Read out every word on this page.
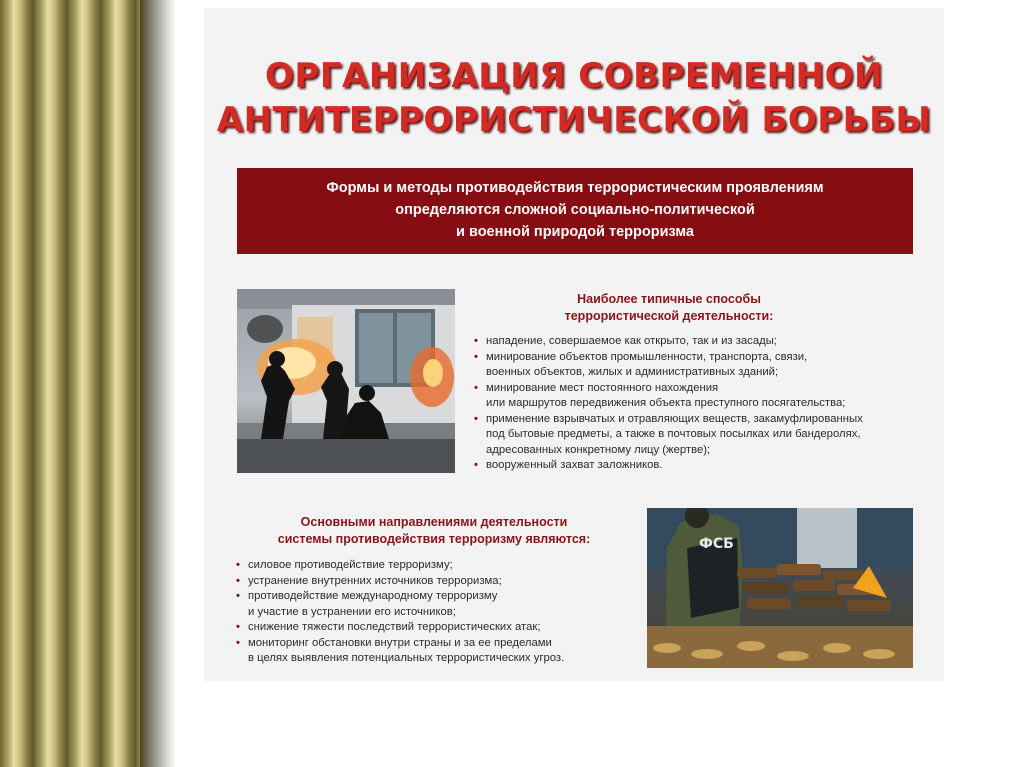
ОРГАНИЗАЦИЯ СОВРЕМЕННОЙ
АНТИТЕРРОРИСТИЧЕСКОЙ БОРЬБЫ
Формы и методы противодействия террористическим проявлениям
определяются сложной социально-политической
и военной природой терроризма
Наиболее типичные способы
террористической деятельности:
• нападение, совершаемое как открыто, так и из засады;
• минирование объектов промышленности, транспорта, связи,
военных объектов, жилых и административных зданий;
• минирование мест постоянного нахождения
или маршрутов передвижения объекта преступного посягательства;
• применение взрывчатых и отравляющих веществ, закамуфлированных
под бытовые предметы, а также в почтовых посылках или бандеролях,
адресованных конкретному лицу (жертве);
• вооруженный захват заложников.
Основными направлениями деятельности
системы противодействия терроризму являются:
• силовое противодействие терроризму;
• устранение внутренних источников терроризма;
• противодействие международному терроризму
и участие в устранении его источников;
• снижение тяжести последствий террористических атак;
• мониторинг обстановки внутри страны и за ее пределами
в целях выявления потенциальных террористических угроз.
ФСБ
